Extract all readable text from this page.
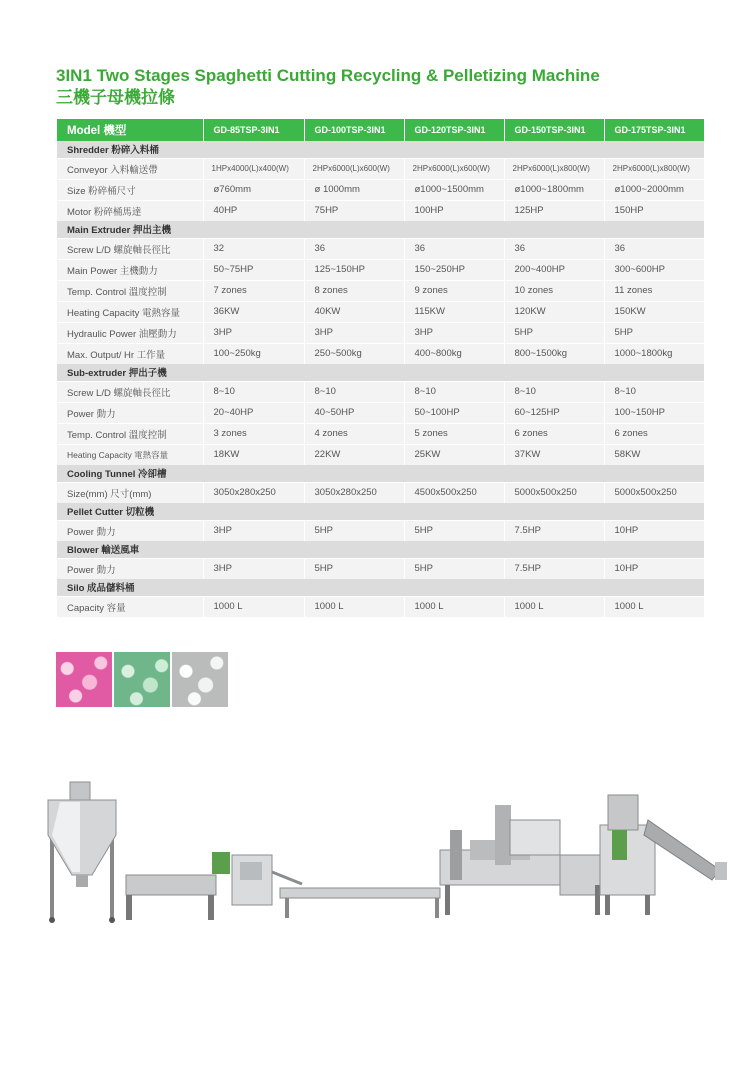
3IN1 Two Stages Spaghetti Cutting Recycling & Pelletizing Machine
三機子母機拉條
Model 機型	GD-85TSP-3IN1	GD-100TSP-3IN1	GD-120TSP-3IN1	GD-150TSP-3IN1	GD-175TSP-3IN1
Shredder 粉碎入料桶					
Conveyor 入料輸送帶	1HPx4000(L)x400(W)	2HPx6000(L)x600(W)	2HPx6000(L)x600(W)	2HPx6000(L)x800(W)	2HPx6000(L)x800(W)
Size 粉碎桶尺寸	ø760mm	ø 1000mm	ø1000~1500mm	ø1000~1800mm	ø1000~2000mm
Motor 粉碎桶馬達	40HP	75HP	100HP	125HP	150HP
Main Extruder 押出主機					
Screw L/D 螺旋軸長徑比	32	36	36	36	36
Main Power 主機動力	50~75HP	125~150HP	150~250HP	200~400HP	300~600HP
Temp. Control 溫度控制	7 zones	8 zones	9 zones	10 zones	11 zones
Heating Capacity 電熱容量	36KW	40KW	115KW	120KW	150KW
Hydraulic Power 油壓動力	3HP	3HP	3HP	5HP	5HP
Max. Output/ Hr 工作量	100~250kg	250~500kg	400~800kg	800~1500kg	1000~1800kg
Sub-extruder 押出子機					
Screw L/D 螺旋軸長徑比	8~10	8~10	8~10	8~10	8~10
Power 動力	20~40HP	40~50HP	50~100HP	60~125HP	100~150HP
Temp. Control 溫度控制	3 zones	4 zones	5 zones	6 zones	6 zones
Heating Capacity 電熱容量	18KW	22KW	25KW	37KW	58KW
Cooling Tunnel 冷卻槽					
Size(mm) 尺寸(mm)	3050x280x250	3050x280x250	4500x500x250	5000x500x250	5000x500x250
Pellet Cutter 切粒機					
Power 動力	3HP	5HP	5HP	7.5HP	10HP
Blower 輸送風車					
Power 動力	3HP	5HP	5HP	7.5HP	10HP
Silo 成品儲料桶					
Capacity 容量	1000 L	1000 L	1000 L	1000 L	1000 L
